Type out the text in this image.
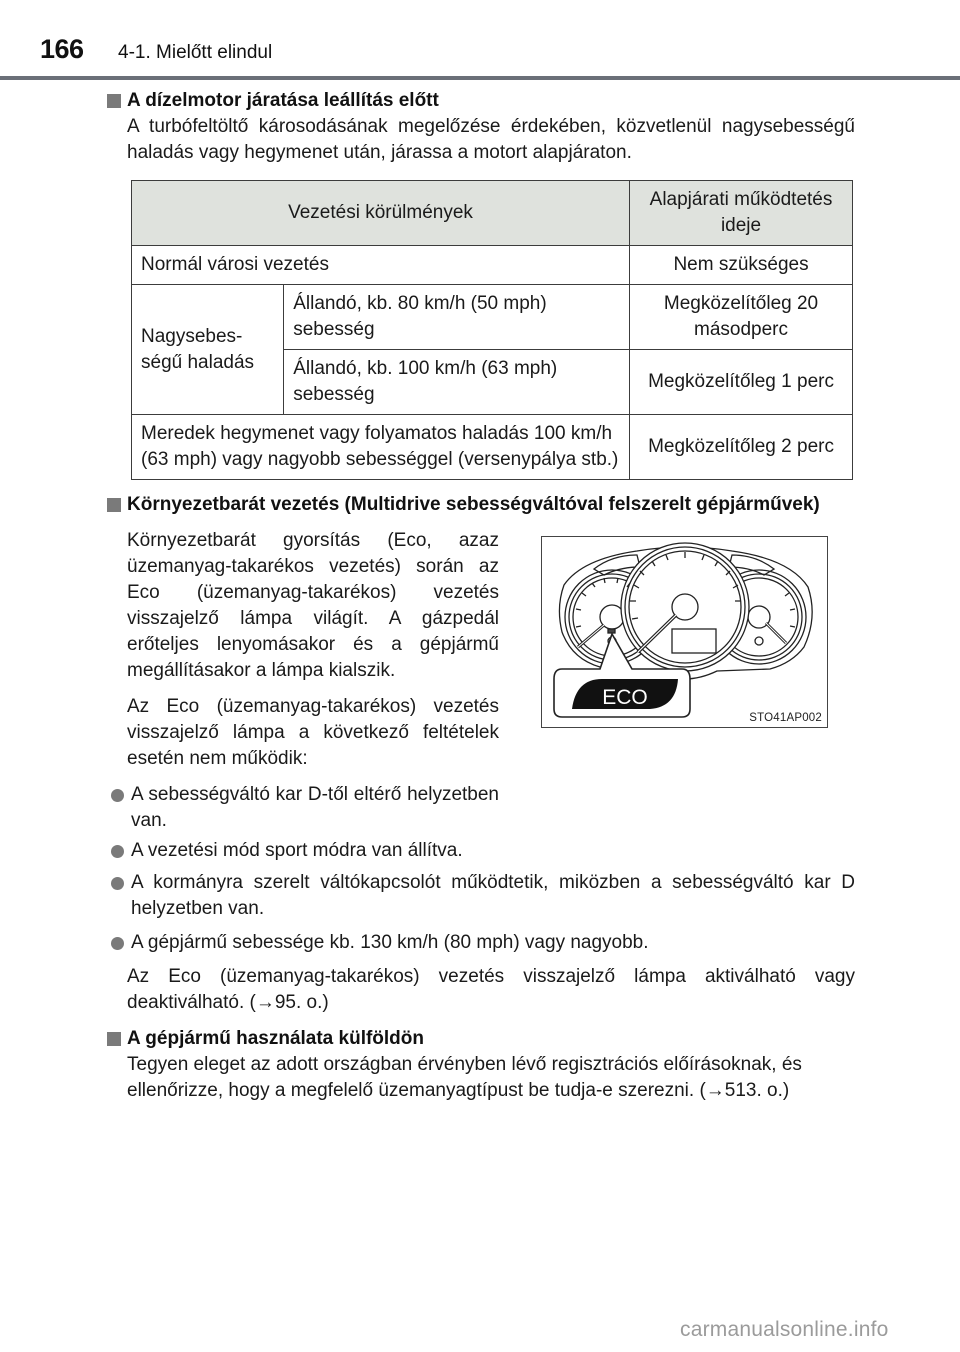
166 4-1. Mielőtt elindul
A dízelmotor járatása leállítás előtt
A turbófeltöltő károsodásának megelőzése érdekében, közvetlenül nagysebességű haladás vagy hegymenet után, járassa a motort alapjáraton.
Vezetési körülmények		Alapjárati működtetés ideje
Normál városi vezetés		Nem szükséges
Nagysebes-ségű haladás	Állandó, kb. 80 km/h (50 mph) sebesség	Megközelítőleg 20 másodperc
	Állandó, kb. 100 km/h (63 mph) sebesség	Megközelítőleg 1 perc
Meredek hegymenet vagy folyamatos haladás 100 km/h (63 mph) vagy nagyobb sebességgel (versenypálya stb.)		Megközelítőleg 2 perc
Környezetbarát vezetés (Multidrive sebességváltóval felszerelt gépjárművek)
Környezetbarát gyorsítás (Eco, azaz üzemanyag-takarékos vezetés) során az Eco (üzemanyag-takarékos) vezetés visszajelző lámpa világít. A gázpedál erőteljes lenyomásakor és a gépjármű megállításakor a lámpa kialszik.
Az Eco (üzemanyag-takarékos) vezetés visszajelző lámpa a következő feltételek esetén nem működik:
A sebességváltó kar D-től eltérő helyzetben van.
A vezetési mód sport módra van állítva.
ECO
STO41AP002
A kormányra szerelt váltókapcsolót működtetik, miközben a sebességváltó kar D helyzetben van.
A gépjármű sebessége kb. 130 km/h (80 mph) vagy nagyobb.
Az Eco (üzemanyag-takarékos) vezetés visszajelző lámpa aktiválható vagy deaktiválható. (→95. o.)
A gépjármű használata külföldön
Tegyen eleget az adott országban érvényben lévő regisztrációs előírásoknak, és ellenőrizze, hogy a megfelelő üzemanyagtípust be tudja-e szerezni. (→513. o.)
carmanualsonline.info
